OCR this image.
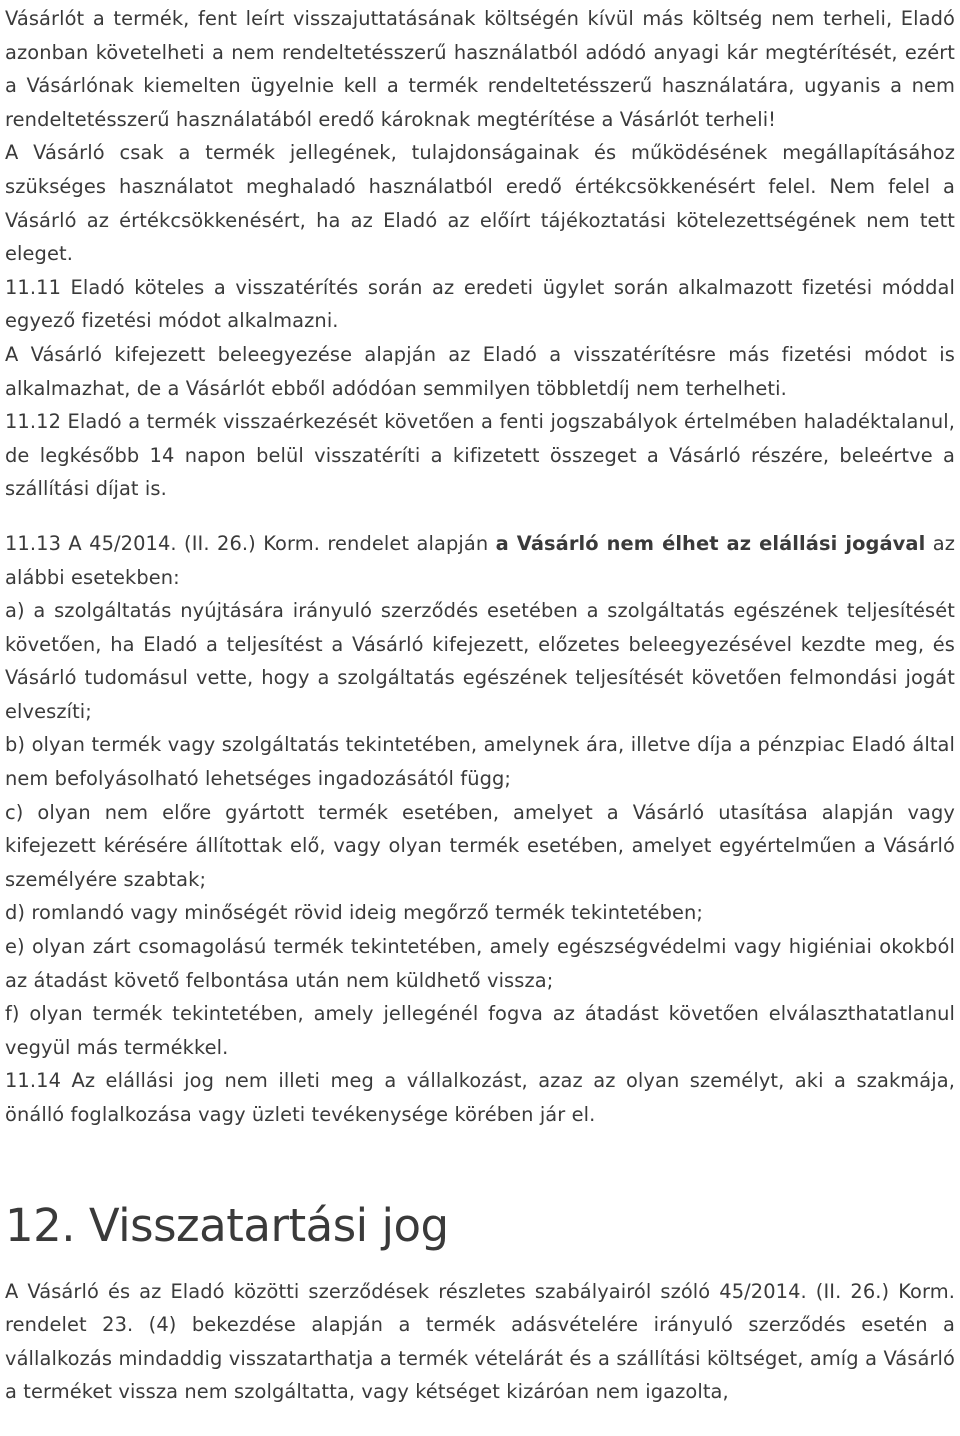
Vásárlót a termék, fent leírt visszajuttatásának költségén kívül más költség nem terheli, Eladó azonban követelheti a nem rendeltetésszerű használatból adódó anyagi kár megtérítését, ezért a Vásárlónak kiemelten ügyelnie kell a termék rendeltetésszerű használatára, ugyanis a nem rendeltetésszerű használatából eredő károknak megtérítése a Vásárlót terheli!

A Vásárló csak a termék jellegének, tulajdonságainak és működésének megállapításához szükséges használatot meghaladó használatból eredő értékcsökkenésért felel. Nem felel a Vásárló az értékcsökkenésért, ha az Eladó az előírt tájékoztatási kötelezettségének nem tett eleget.

11.11 Eladó köteles a visszatérítés során az eredeti ügylet során alkalmazott fizetési móddal egyező fizetési módot alkalmazni.

A Vásárló kifejezett beleegyezése alapján az Eladó a visszatérítésre más fizetési módot is alkalmazhat, de a Vásárlót ebből adódóan semmilyen többletdíj nem terhelheti.

11.12 Eladó a termék visszaérkezését követően a fenti jogszabályok értelmében haladéktalanul, de legkésőbb 14 napon belül visszatéríti a kifizetett összeget a Vásárló részére, beleértve a szállítási díjat is.

11.13 A 45/2014. (II. 26.) Korm. rendelet alapján a Vásárló nem élhet az elállási jogával az alábbi esetekben:

a) a szolgáltatás nyújtására irányuló szerződés esetében a szolgáltatás egészének teljesítését követően, ha Eladó a teljesítést a Vásárló kifejezett, előzetes beleegyezésével kezdte meg, és Vásárló tudomásul vette, hogy a szolgáltatás egészének teljesítését követően felmondási jogát elveszíti;

b) olyan termék vagy szolgáltatás tekintetében, amelynek ára, illetve díja a pénzpiac Eladó által nem befolyásolható lehetséges ingadozásától függ;

c) olyan nem előre gyártott termék esetében, amelyet a Vásárló utasítása alapján vagy kifejezett kérésére állítottak elő, vagy olyan termék esetében, amelyet egyértelműen a Vásárló személyére szabtak;

d) romlandó vagy minőségét rövid ideig megőrző termék tekintetében;

e) olyan zárt csomagolású termék tekintetében, amely egészségvédelmi vagy higiéniai okokból az átadást követő felbontása után nem küldhető vissza;

f) olyan termék tekintetében, amely jellegénél fogva az átadást követően elválaszthatatlanul vegyül más termékkel.

11.14 Az elállási jog nem illeti meg a vállalkozást, azaz az olyan személyt, aki a szakmája, önálló foglalkozása vagy üzleti tevékenysége körében jár el.

12. Visszatartási jog

A Vásárló és az Eladó közötti szerződések részletes szabályairól szóló 45/2014. (II. 26.) Korm. rendelet 23. (4) bekezdése alapján a termék adásvételére irányuló szerződés esetén a vállalkozás mindaddig visszatarthatja a termék vételárát és a szállítási költséget, amíg a Vásárló a terméket vissza nem szolgáltatta, vagy kétséget kizáróan nem igazolta,
